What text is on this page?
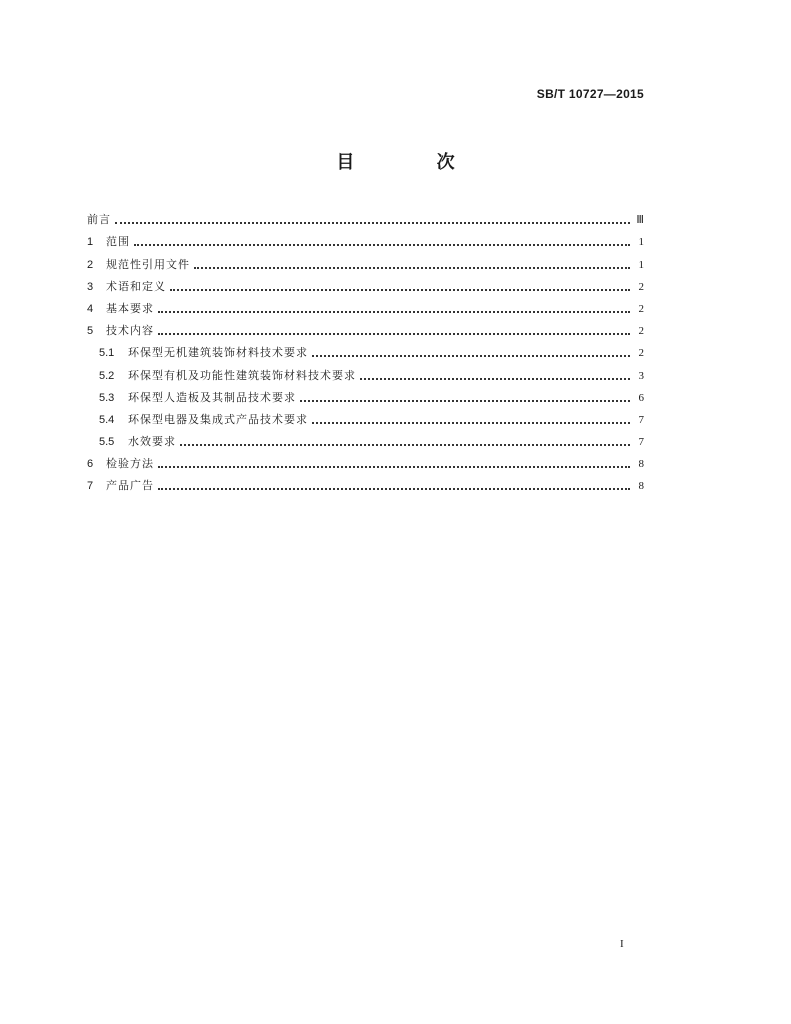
SB/T 10727—2015
目 次
前言	Ⅲ
1	范围	1
2	规范性引用文件	1
3	术语和定义	2
4	基本要求	2
5	技术内容	2
5.1	环保型无机建筑装饰材料技术要求	2
5.2	环保型有机及功能性建筑装饰材料技术要求	3
5.3	环保型人造板及其制品技术要求	6
5.4	环保型电器及集成式产品技术要求	7
5.5	水效要求	7
6	检验方法	8
7	产品广告	8
I
